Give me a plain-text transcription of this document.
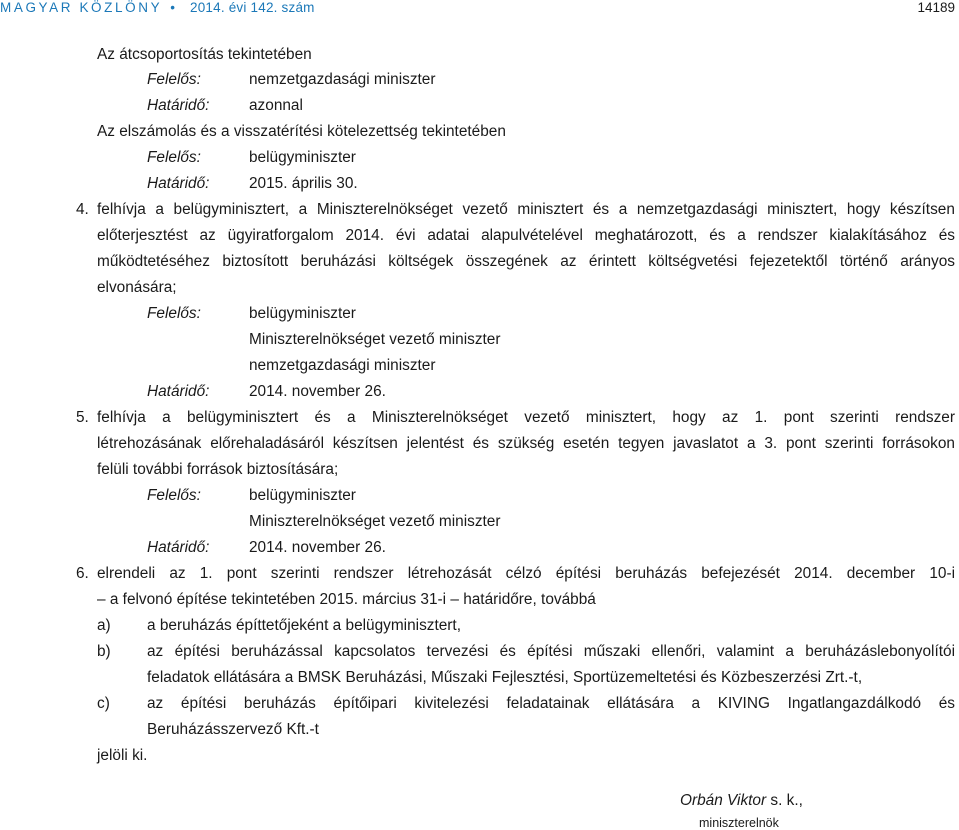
MAGYAR KÖZLÖNY • 2014. évi 142. szám	14189
Az átcsoportosítás tekintetében
Felelős:	nemzetgazdasági miniszter
Határidő:	azonnal
Az elszámolás és a visszatérítési kötelezettség tekintetében
Felelős:	belügyminiszter
Határidő:	2015. április 30.
4. felhívja a belügyminisztert, a Miniszterelnökséget vezető minisztert és a nemzetgazdasági minisztert, hogy készítsen
előterjesztést az ügyiratforgalom 2014. évi adatai alapulvételével meghatározott, és a rendszer kialakításához és
működtetéséhez biztosított beruházási költségek összegének az érintett költségvetési fejezetektől történő arányos
elvonására;
Felelős:	belügyminiszter
Miniszterelnökséget vezető miniszter
nemzetgazdasági miniszter
Határidő:	2014. november 26.
5. felhívja a belügyminisztert és a Miniszterelnökséget vezető minisztert, hogy az 1. pont szerinti rendszer
létrehozásának előrehaladásáról készítsen jelentést és szükség esetén tegyen javaslatot a 3. pont szerinti forrásokon
felüli további források biztosítására;
Felelős:	belügyminiszter
Miniszterelnökséget vezető miniszter
Határidő:	2014. november 26.
6. elrendeli az 1. pont szerinti rendszer létrehozását célzó építési beruházás befejezését 2014. december 10-i
– a felvonó építése tekintetében 2015. március 31-i – határidőre, továbbá
a) a beruházás építtetőjeként a belügyminisztert,
b) az építési beruházással kapcsolatos tervezési és építési műszaki ellenőri, valamint a beruházáslebonyolítói
feladatok ellátására a BMSK Beruházási, Műszaki Fejlesztési, Sportüzemeltetési és Közbeszerzési Zrt.-t,
c) az építési beruházás építőipari kivitelezési feladatainak ellátására a KIVING Ingatlangazdálkodó és
Beruházásszervező Kft.-t
jelöli ki.
Orbán Viktor s. k.,
miniszterelnök
